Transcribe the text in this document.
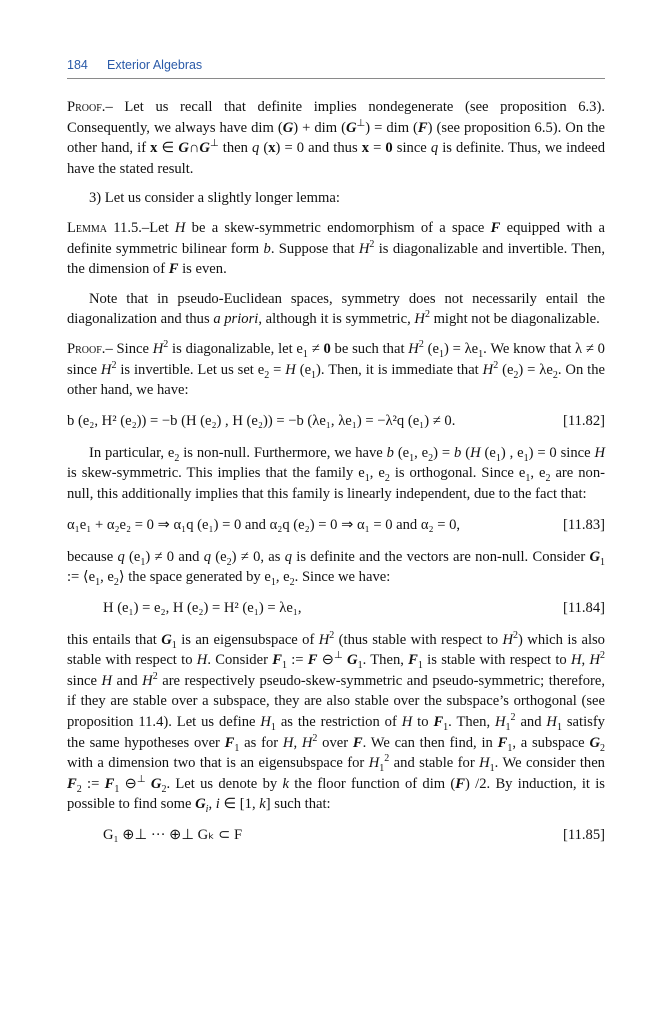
184 Exterior Algebras

Proof.– Let us recall that definite implies nondegenerate (see proposition 6.3). Consequently, we always have dim (G) + dim (G⊥) = dim (F) (see proposition 6.5). On the other hand, if x ∈ G∩G⊥ then q (x) = 0 and thus x = 0 since q is definite. Thus, we indeed have the stated result.

3) Let us consider a slightly longer lemma:

Lemma 11.5.–Let H be a skew-symmetric endomorphism of a space F equipped with a definite symmetric bilinear form b. Suppose that $H^2$ is diagonalizable and invertible. Then, the dimension of F is even.

Note that in pseudo-Euclidean spaces, symmetry does not necessarily entail the diagonalization and thus a priori, although it is symmetric, $H^2$ might not be diagonalizable.

Proof.– Since $H^2$ is diagonalizable, let $e_1 \ne 0$ be such that $H^2$ $(e_1) = \lambda e_1$. We know that λ ≠ 0 since $H^2$ is invertible. Let us set $e_2 = H$ $(e_1)$. Then, it is immediate that $H^2$ $(e_2) = \lambda e_2$. On the other hand, we have:

b (e₂, H² (e₂)) = −b (H (e₂) , H (e₂)) = −b (λe₁, λe₁) = −λ²q (e₁) ≠ 0.	[11.82]

In particular, $e_2$ is non-null. Furthermore, we have b ($e_1$, $e_2) = b$ (H $(e_1)$ , $e_1) = 0$ since H is skew-symmetric. This implies that the family $e_1$, $e_2$ is orthogonal. Since $e_1$, $e_2$ are non-null, this additionally implies that this family is linearly independent, due to the fact that:

α₁e₁ + α₂e₂ = 0 ⇒ α₁q (e₁) = 0 and α₂q (e₂) = 0 ⇒ α₁ = 0 and α₂ = 0,	[11.83]

because q $(e_1) \ne 0$ and q $(e_2) \ne 0$, as q is definite and the vectors are non-null. Consider $G_1$ := $⟨e_1$, $e_2⟩$ the space generated by $e_1$, $e_2$. Since we have:

H (e₁) = e₂, H (e₂) = H² (e₁) = λe₁,	[11.84]

this entails that $G_1$ is an eigensubspace of $H^2$ (thus stable with respect to $H^2$) which is also stable with respect to H. Consider $F_1$ := F ⊖⊥ $G_1$. Then, $F_1$ is stable with respect to H, $H^2$ since H and $H^2$ are respectively pseudo-skew-symmetric and pseudo-symmetric; therefore, if they are stable over a subspace, they are also stable over the subspace’s orthogonal (see proposition 11.4). Let us define $H_1$ as the restriction of H to $F_1$. Then, $H_1^2$ and $H_1$ satisfy the same hypotheses over $F_1$ as for H, $H^2$ over F. We can then find, in $F_1$, a subspace $G_2$ with a dimension two that is an eigensubspace for $H_1^2$ and stable for $H_1$. We consider then $F_2$ := $F_1$ ⊖⊥ $G_2$. Let us denote by k the floor function of dim (F) /2. By induction, it is possible to find some $G_i$, i ∈ [1, k] such that:

G₁ ⊕⊥ ··· ⊕⊥ Gₖ ⊂ F	[11.85]
